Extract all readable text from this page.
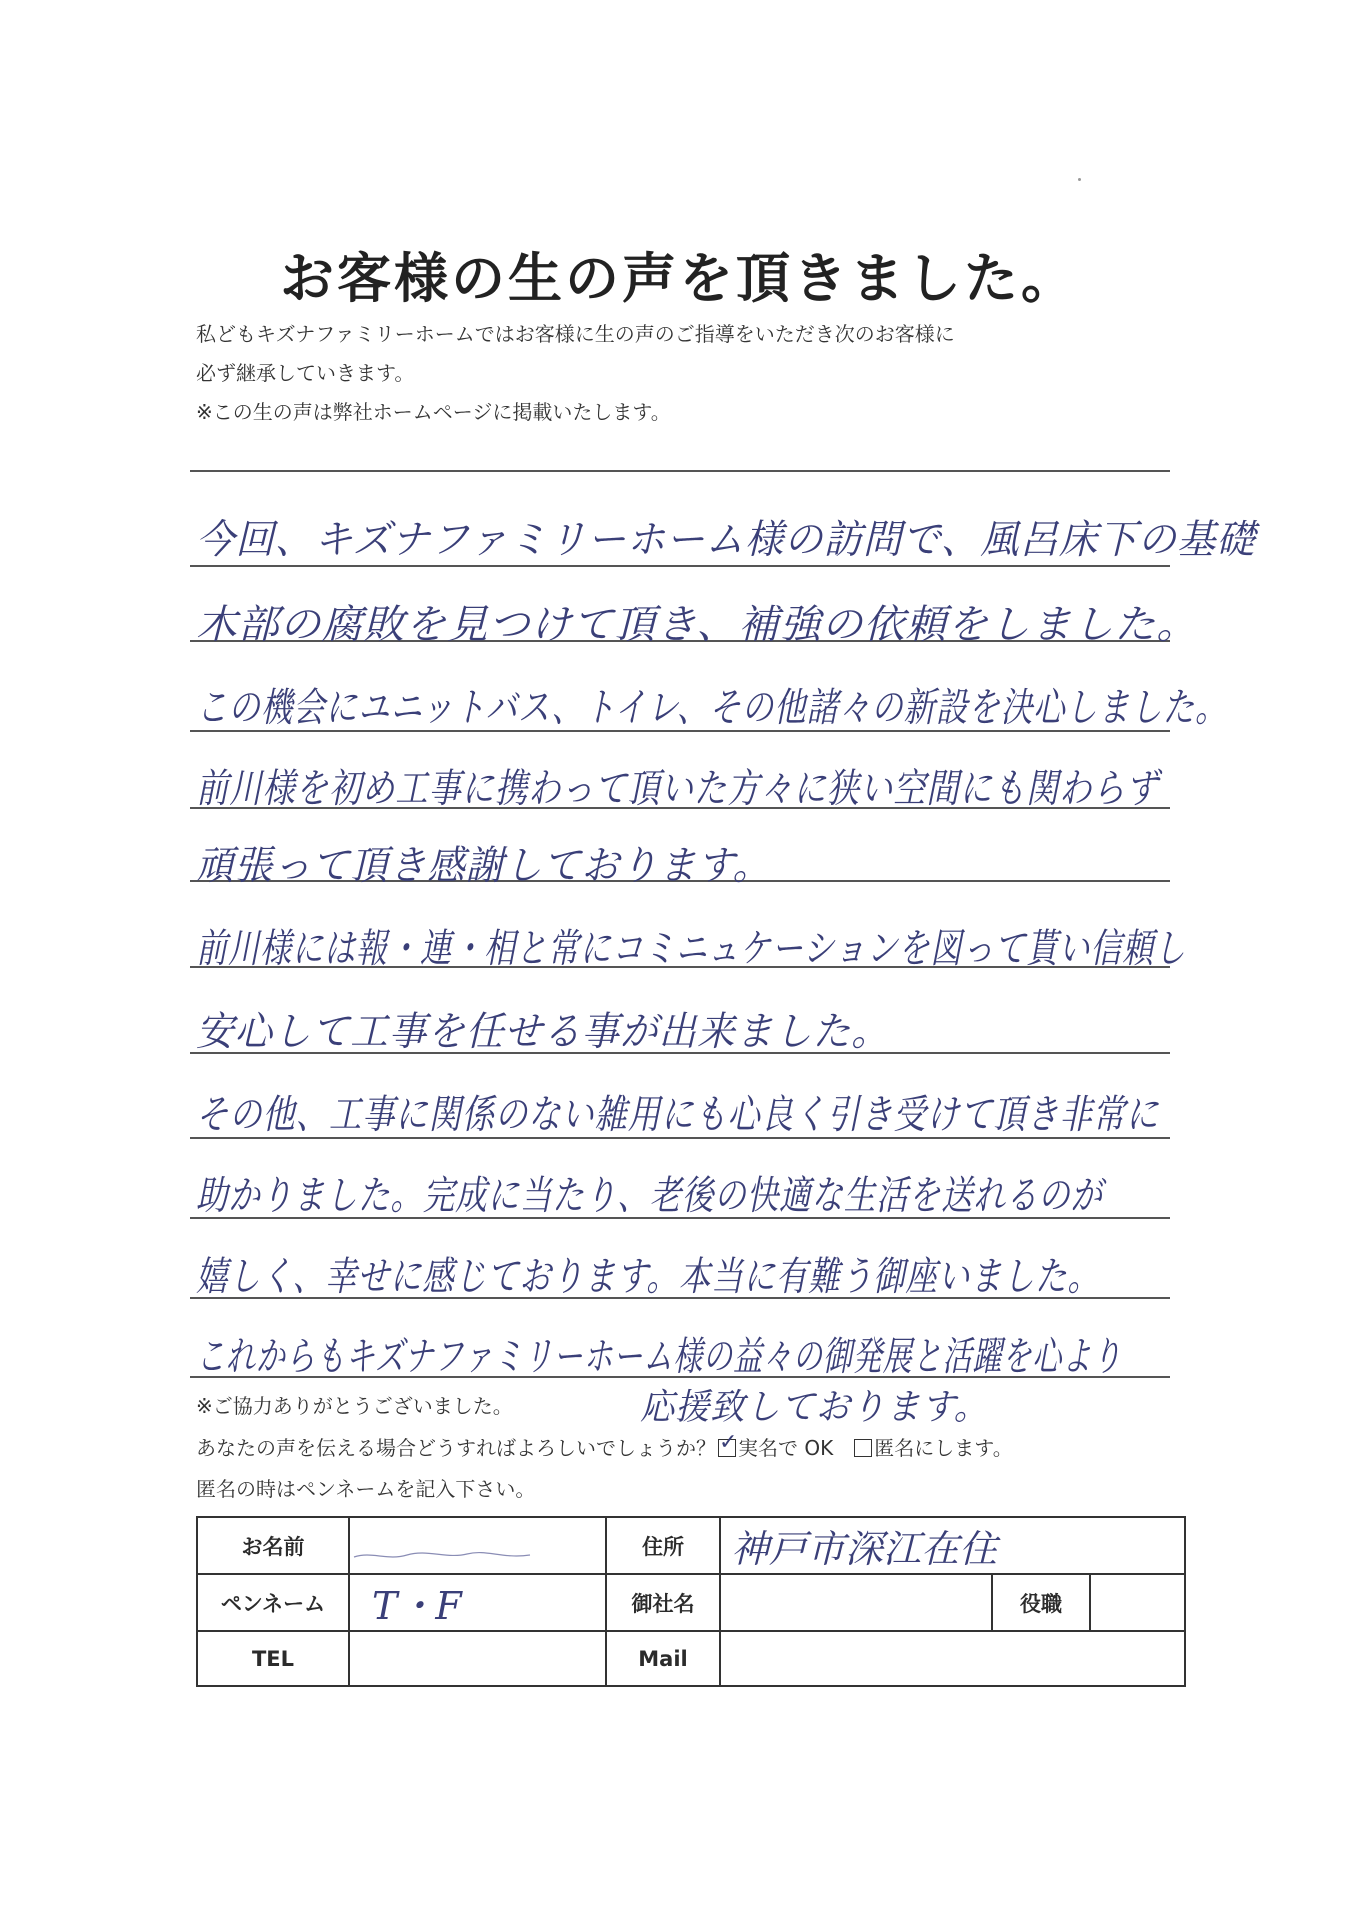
お客様の生の声を頂きました。
私どもキズナファミリーホームではお客様に生の声のご指導をいただき次のお客様に
必ず継承していきます。
※この生の声は弊社ホームページに掲載いたします。
今回、キズナファミリーホーム様の訪問で、風呂床下の基礎
木部の腐敗を見つけて頂き、補強の依頼をしました。
この機会にユニットバス、トイレ、その他諸々の新設を決心しました。
前川様を初め工事に携わって頂いた方々に狭い空間にも関わらず
頑張って頂き感謝しております。
前川様には報・連・相と常にコミニュケーションを図って貰い信頼し
安心して工事を任せる事が出来ました。
その他、工事に関係のない雑用にも心良く引き受けて頂き非常に
助かりました。完成に当たり、老後の快適な生活を送れるのが
嬉しく、幸せに感じております。本当に有難う御座いました。
これからもキズナファミリーホーム様の益々の御発展と活躍を心より
※ご協力ありがとうございました。	応援致しております。
あなたの声を伝える場合どうすればよろしいでしょうか？ ✓ 実名で OK 匿名にします。
匿名の時はペンネームを記入下さい。
お名前		住所	神戸市深江在住		
ペンネーム	T・F	御社名		役職	
TEL		Mail			
